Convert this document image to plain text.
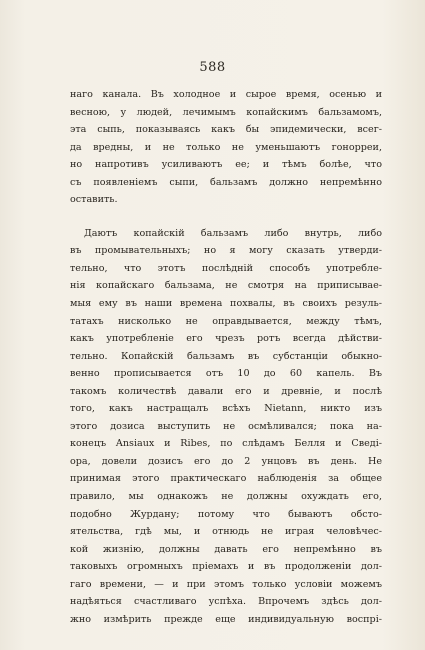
588
наго канала. Въ холодное и сырое время, осенью и
весною, у людей, лечимымъ копайскимъ бальзамомъ,
эта сыпь, показываясь какъ бы эпидемически, всег-
да вредны, и не только не уменьшаютъ гонорреи,
но напротивъ усиливаютъ ее; и тѣмъ болѣе, что
съ появленіемъ сыпи, бальзамъ должно непремѣнно
оставить.
Даютъ копайскій бальзамъ либо внутрь, либо
въ промывательныхъ; но я могу сказать утверди-
тельно, что этотъ послѣдній способъ употребле-
нія копайскаго бальзама, не смотря на приписывае-
мыя ему въ наши времена похвалы, въ своихъ резуль-
татахъ нисколько не оправдывается, между тѣмъ,
какъ употребленіе его чрезъ ротъ всегда дѣйстви-
тельно. Копайскій бальзамъ въ субстанціи обыкно-
венно прописывается отъ 10 до 60 капель. Въ
такомъ количествѣ давали его и древніе, и послѣ
того, какъ настращалъ всѣхъ Nietann, никто изъ
этого дозиса выступить не осмѣливался; пока на-
конецъ Ansiaux и Ribes, по слѣдамъ Белля и Сведі-
ора, довели дозисъ его до 2 унцовъ въ день. Не
принимая этого практическаго наблюденія за общее
правило, мы однакожъ не должны охуждать его,
подобно Журдану; потому что бываютъ обсто-
ятельства, гдѣ мы, и отнюдь не играя человѣчес-
кой жизнію, должны давать его непремѣнно въ
таковыхъ огромныхъ пріемахъ и въ продолженіи дол-
гаго времени, — и при этомъ только условіи можемъ
надѣяться счастливаго успѣха. Впрочемъ здѣсь дол-
жно измѣрить прежде еще индивидуальную воспрі-
